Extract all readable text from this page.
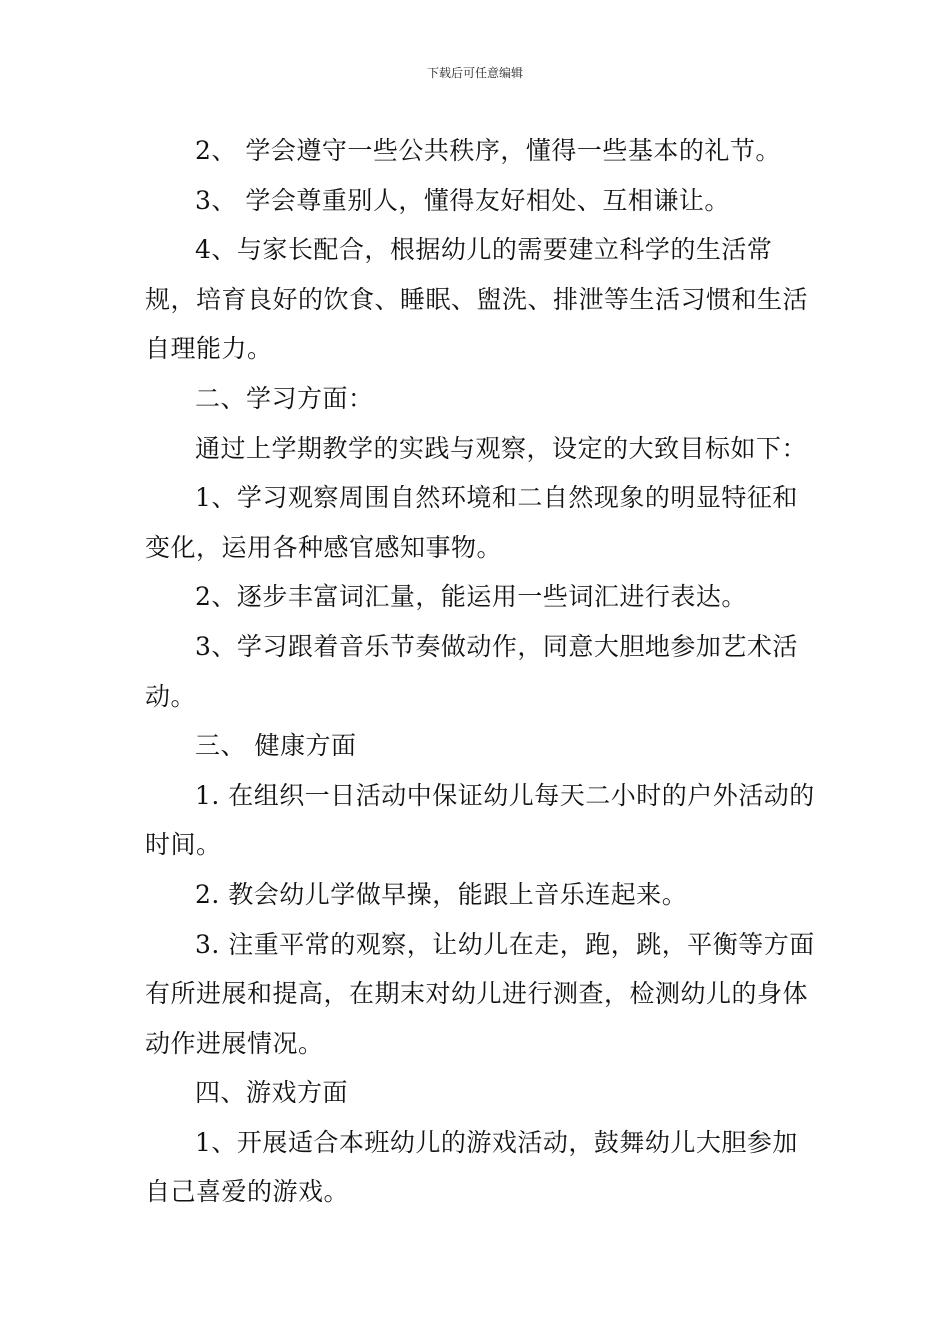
下载后可任意编辑

2、 学会遵守一些公共秩序，懂得一些基本的礼节。

3、 学会尊重别人，懂得友好相处、互相谦让。

4、与家长配合，根据幼儿的需要建立科学的生活常规，培育良好的饮食、睡眠、盥洗、排泄等生活习惯和生活自理能力。

二、学习方面：

通过上学期教学的实践与观察，设定的大致目标如下：

1、学习观察周围自然环境和二自然现象的明显特征和变化，运用各种感官感知事物。

2、逐步丰富词汇量，能运用一些词汇进行表达。

3、学习跟着音乐节奏做动作，同意大胆地参加艺术活动。

三、 健康方面

1. 在组织一日活动中保证幼儿每天二小时的户外活动的时间。

2. 教会幼儿学做早操，能跟上音乐连起来。

3. 注重平常的观察，让幼儿在走，跑，跳，平衡等方面有所进展和提高，在期末对幼儿进行测查，检测幼儿的身体动作进展情况。

四、游戏方面

1、开展适合本班幼儿的游戏活动，鼓舞幼儿大胆参加自己喜爱的游戏。
